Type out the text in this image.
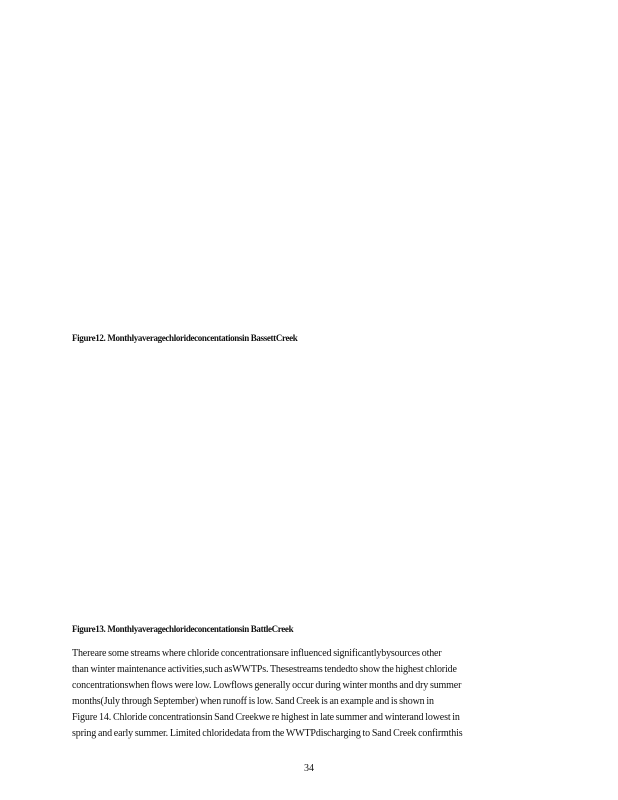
Figure12. Monthlyaveragechlorideconcentationsin BassettCreek
Figure13. Monthlyaveragechlorideconcentationsin BattleCreek
Thereare some streams where chloride concentrationsare influenced significantlybysources other
than winter maintenance activities,such asWWTPs. Thesestreams tendedto show the highest chloride
concentrationswhen flows were low. Lowflows generally occur during winter months and dry summer
months(July through September) when runoff is low. Sand Creek is an example and is shown in
Figure 14. Chloride concentrationsin Sand Creekwe re highest in late summer and winterand lowest in
spring and early summer. Limited chloridedata from the WWTPdischarging to Sand Creek confirmthis
34
